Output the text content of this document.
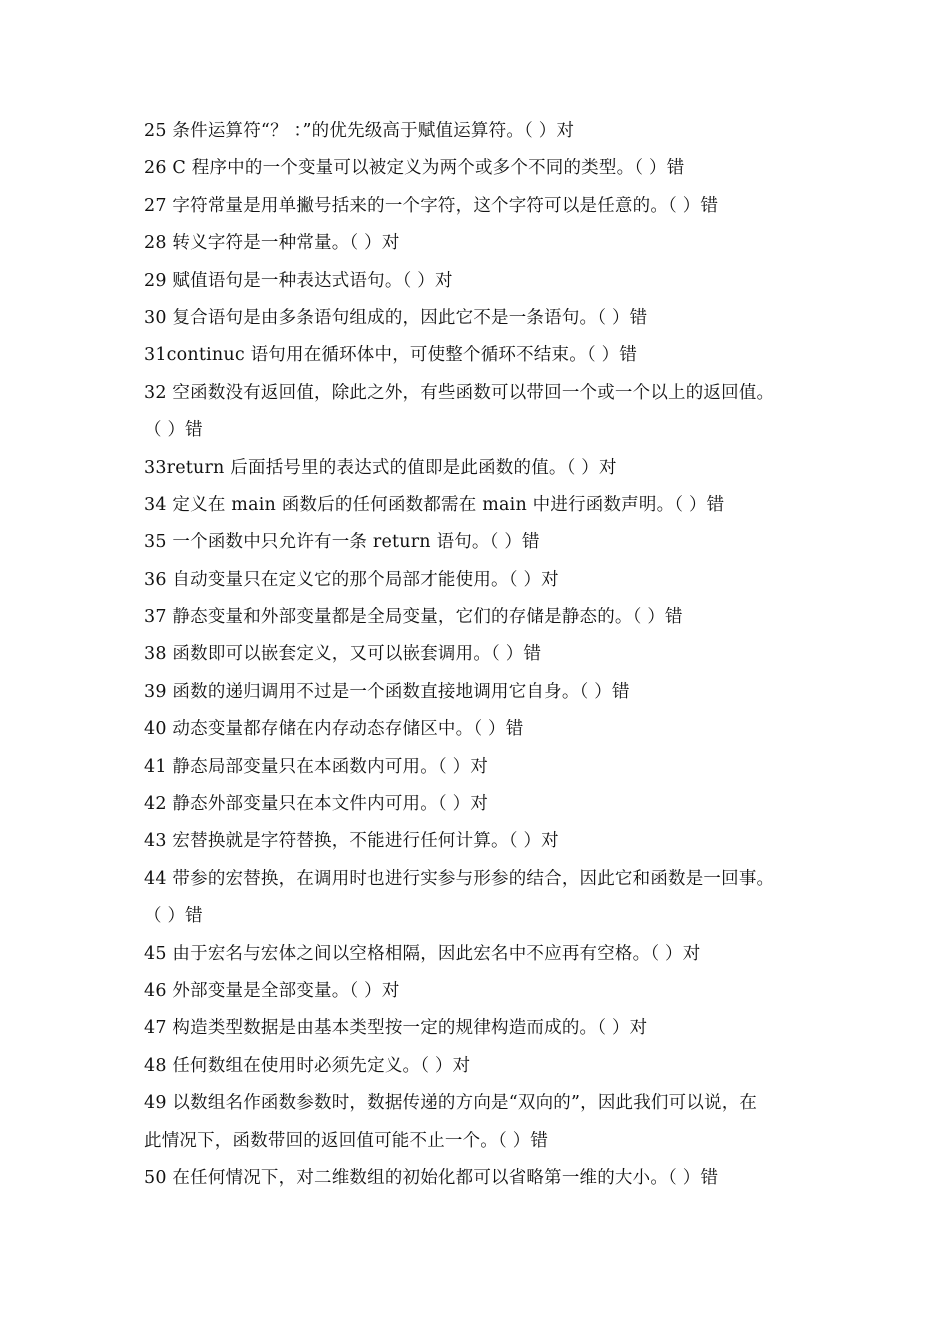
25 条件运算符“？ ：”的优先级高于赋值运算符。（ ）对
26 C 程序中的一个变量可以被定义为两个或多个不同的类型。（ ）错
27 字符常量是用单撇号括来的一个字符，这个字符可以是任意的。（ ）错
28 转义字符是一种常量。（ ）对
29 赋值语句是一种表达式语句。（ ）对
30 复合语句是由多条语句组成的，因此它不是一条语句。（ ）错
31continuc 语句用在循环体中，可使整个循环不结束。（ ）错
32 空函数没有返回值，除此之外，有些函数可以带回一个或一个以上的返回值。
（ ）错
33return 后面括号里的表达式的值即是此函数的值。（ ）对
34 定义在 main 函数后的任何函数都需在 main 中进行函数声明。（ ）错
35 一个函数中只允许有一条 return 语句。（ ）错
36 自动变量只在定义它的那个局部才能使用。（ ）对
37 静态变量和外部变量都是全局变量，它们的存储是静态的。（ ）错
38 函数即可以嵌套定义，又可以嵌套调用。（ ）错
39 函数的递归调用不过是一个函数直接地调用它自身。（ ）错
40 动态变量都存储在内存动态存储区中。（ ）错
41 静态局部变量只在本函数内可用。（ ）对
42 静态外部变量只在本文件内可用。（ ）对
43 宏替换就是字符替换，不能进行任何计算。（ ）对
44 带参的宏替换，在调用时也进行实参与形参的结合，因此它和函数是一回事。
（ ）错
45 由于宏名与宏体之间以空格相隔，因此宏名中不应再有空格。（ ）对
46 外部变量是全部变量。（ ）对
47 构造类型数据是由基本类型按一定的规律构造而成的。（ ）对
48 任何数组在使用时必须先定义。（ ）对
49 以数组名作函数参数时，数据传递的方向是“双向的”，因此我们可以说，在
此情况下，函数带回的返回值可能不止一个。（ ）错
50 在任何情况下，对二维数组的初始化都可以省略第一维的大小。（ ）错
